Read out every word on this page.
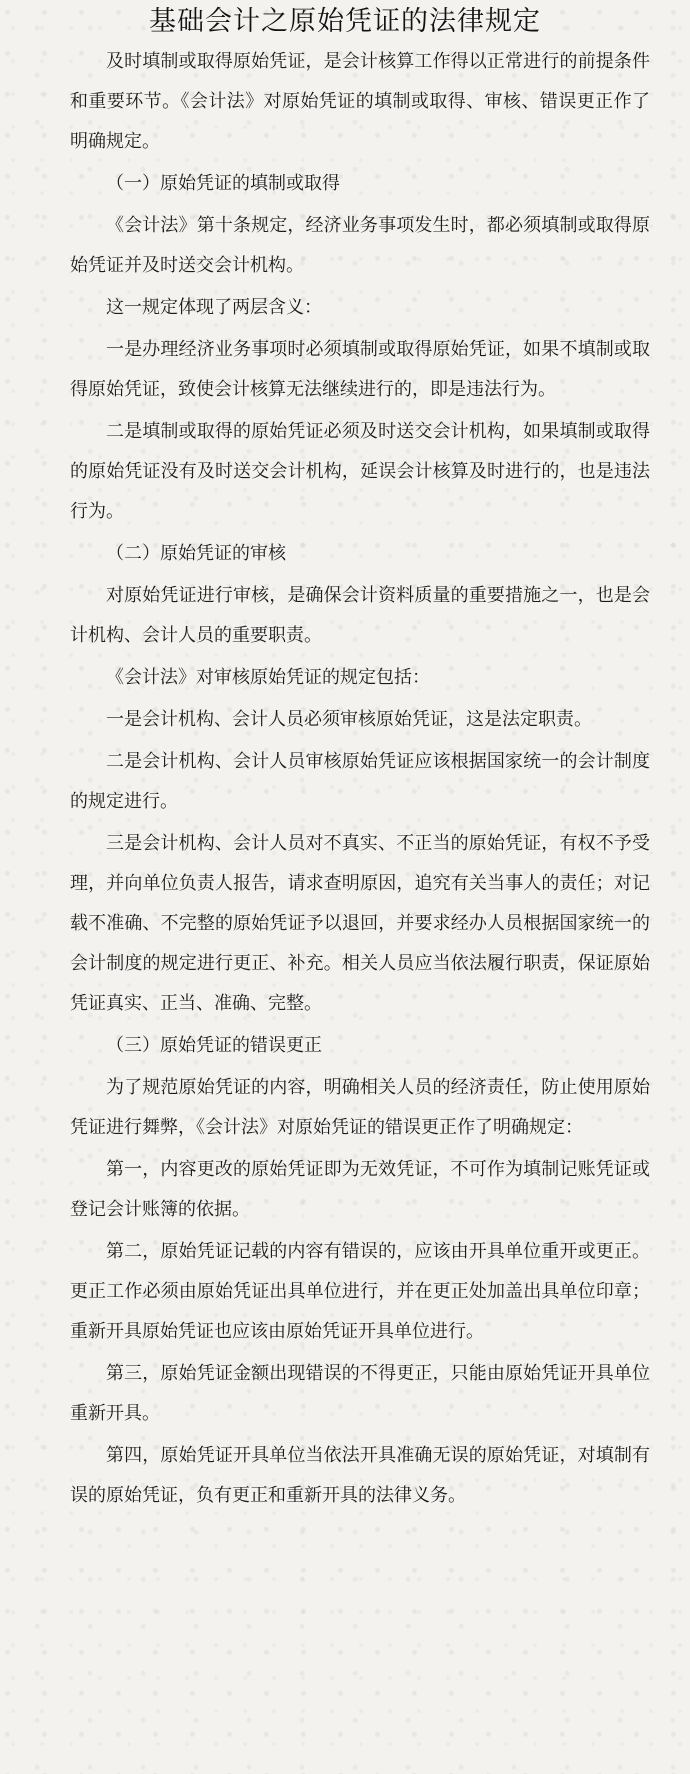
基础会计之原始凭证的法律规定

及时填制或取得原始凭证，是会计核算工作得以正常进行的前提条件和重要环节。《会计法》对原始凭证的填制或取得、审核、错误更正作了明确规定。

（一）原始凭证的填制或取得

《会计法》第十条规定，经济业务事项发生时，都必须填制或取得原始凭证并及时送交会计机构。

这一规定体现了两层含义：

一是办理经济业务事项时必须填制或取得原始凭证，如果不填制或取得原始凭证，致使会计核算无法继续进行的，即是违法行为。

二是填制或取得的原始凭证必须及时送交会计机构，如果填制或取得的原始凭证没有及时送交会计机构，延误会计核算及时进行的，也是违法行为。

（二）原始凭证的审核

对原始凭证进行审核，是确保会计资料质量的重要措施之一，也是会计机构、会计人员的重要职责。

《会计法》对审核原始凭证的规定包括：

一是会计机构、会计人员必须审核原始凭证，这是法定职责。

二是会计机构、会计人员审核原始凭证应该根据国家统一的会计制度的规定进行。

三是会计机构、会计人员对不真实、不正当的原始凭证，有权不予受理，并向单位负责人报告，请求查明原因，追究有关当事人的责任；对记载不准确、不完整的原始凭证予以退回，并要求经办人员根据国家统一的会计制度的规定进行更正、补充。相关人员应当依法履行职责，保证原始凭证真实、正当、准确、完整。

（三）原始凭证的错误更正

为了规范原始凭证的内容，明确相关人员的经济责任，防止使用原始凭证进行舞弊，《会计法》对原始凭证的错误更正作了明确规定：

第一，内容更改的原始凭证即为无效凭证，不可作为填制记账凭证或登记会计账簿的依据。

第二，原始凭证记载的内容有错误的，应该由开具单位重开或更正。更正工作必须由原始凭证出具单位进行，并在更正处加盖出具单位印章；重新开具原始凭证也应该由原始凭证开具单位进行。

第三，原始凭证金额出现错误的不得更正，只能由原始凭证开具单位重新开具。

第四，原始凭证开具单位当依法开具准确无误的原始凭证，对填制有误的原始凭证，负有更正和重新开具的法律义务。
